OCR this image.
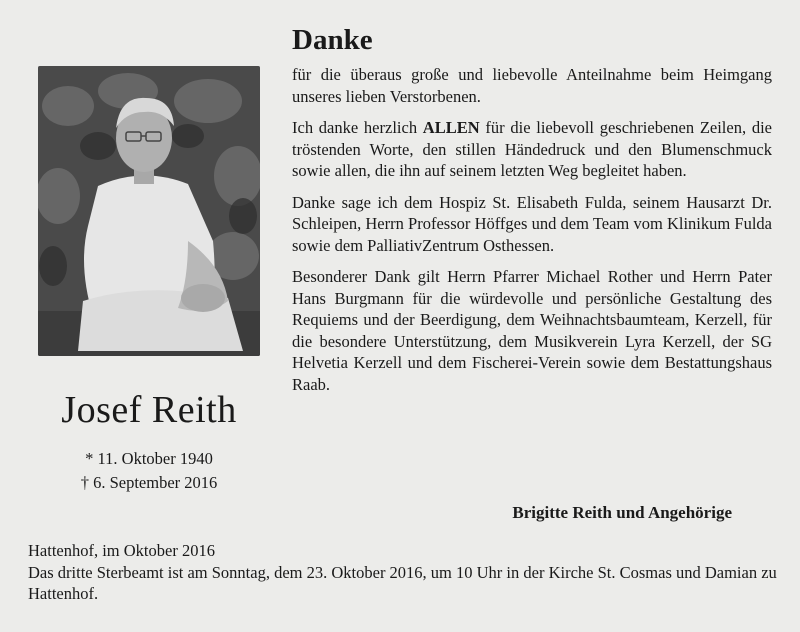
Josef Reith
* 11. Oktober 1940
† 6. September 2016
Danke

für die überaus große und liebevolle Anteilnahme beim Heimgang unseres lieben Verstorbenen.

Ich danke herzlich ALLEN für die liebevoll geschriebenen Zeilen, die tröstenden Worte, den stillen Händedruck und den Blumenschmuck sowie allen, die ihn auf seinem letzten Weg begleitet haben.

Danke sage ich dem Hospiz St. Elisabeth Fulda, seinem Hausarzt Dr. Schleipen, Herrn Professor Höffges und dem Team vom Klinikum Fulda sowie dem PalliativZentrum Osthessen.

Besonderer Dank gilt Herrn Pfarrer Michael Rother und Herrn Pater Hans Burgmann für die würdevolle und persönliche Gestaltung des Requiems und der Beerdigung, dem Weihnachtsbaumteam, Kerzell, für die besondere Unterstützung, dem Musikverein Lyra Kerzell, der SG Helvetia Kerzell und dem Fischerei-Verein sowie dem Bestattungshaus Raab.

Brigitte Reith und Angehörige

Hattenhof, im Oktober 2016

Das dritte Sterbeamt ist am Sonntag, dem 23. Oktober 2016, um 10 Uhr in der Kirche St. Cosmas und Damian zu Hattenhof.
